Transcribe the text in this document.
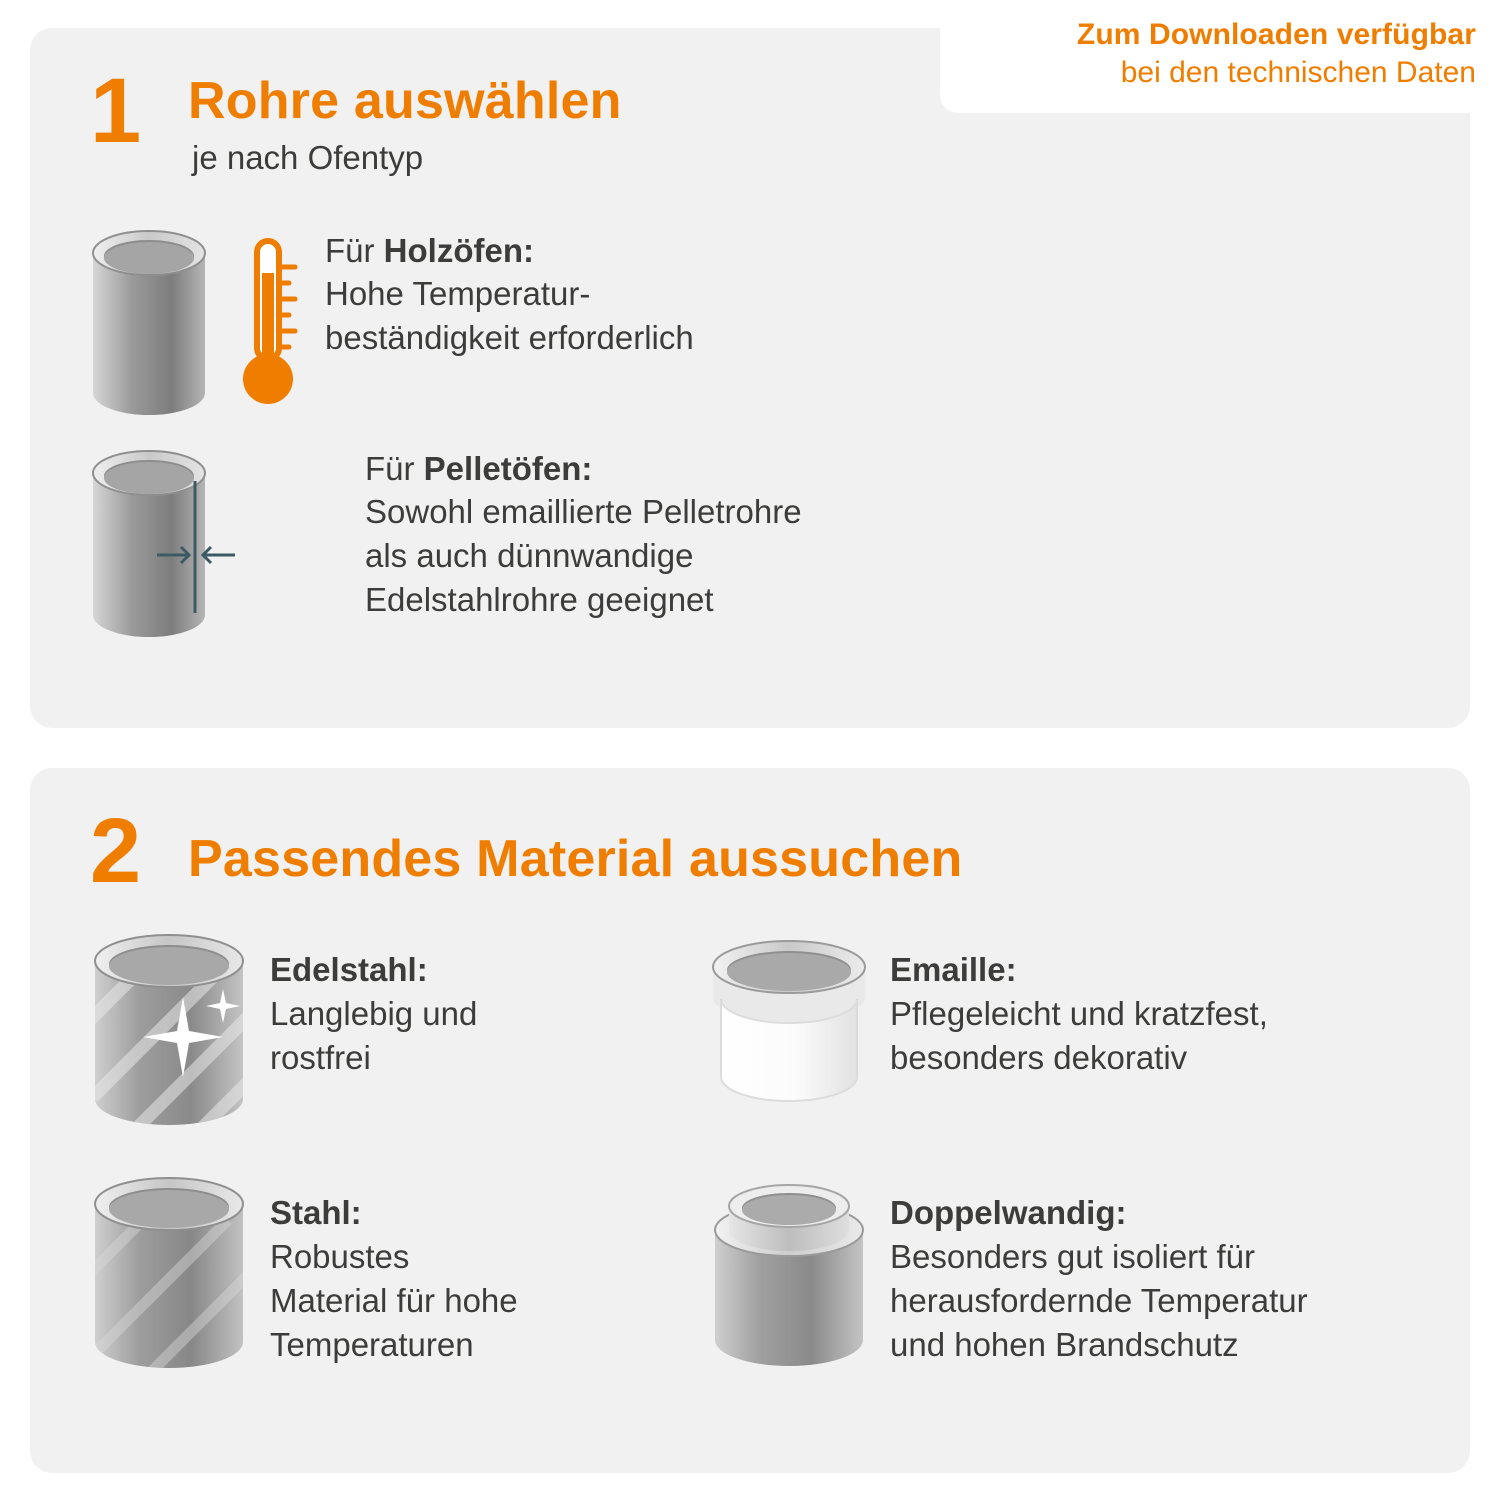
Zum Downloaden verfügbar
bei den technischen Daten
1 Rohre auswählen
je nach Ofentyp
Für Holzöfen:
Hohe Temperatur-
beständigkeit erforderlich
Für Pelletöfen:
Sowohl emaillierte Pelletrohre
als auch dünnwandige
Edelstahlrohre geeignet
2 Passendes Material aussuchen
Edelstahl:
Langlebig und
rostfrei
Emaille:
Pflegeleicht und kratzfest,
besonders dekorativ
Stahl:
Robustes
Material für hohe
Temperaturen
Doppelwandig:
Besonders gut isoliert für
herausfordernde Temperatur
und hohen Brandschutz
